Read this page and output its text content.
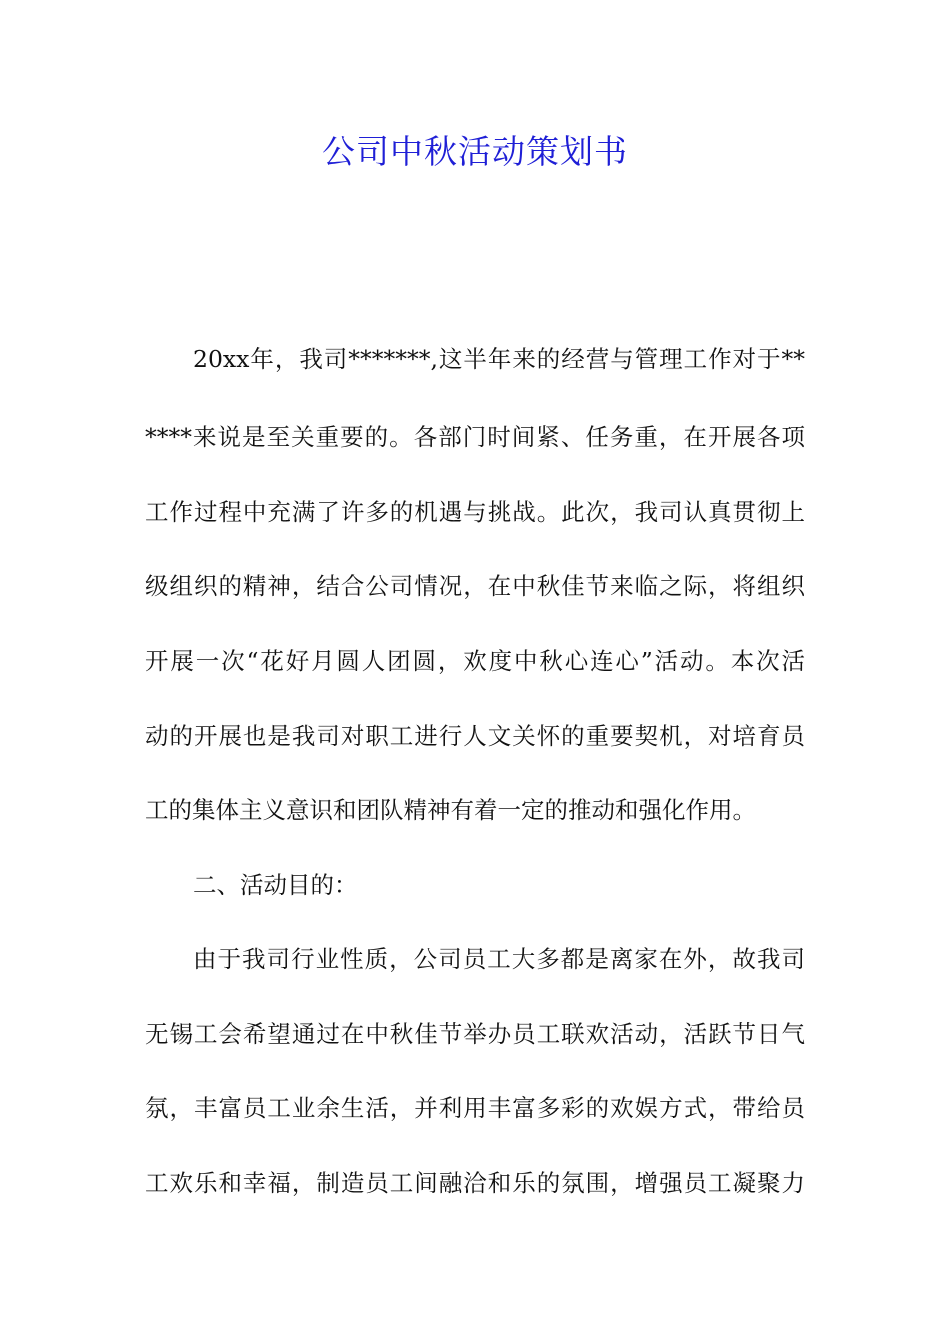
公司中秋活动策划书
20xx年，我司*******,这半年来的经营与管理工作对于**
****来说是至关重要的。各部门时间紧、任务重，在开展各项
工作过程中充满了许多的机遇与挑战。此次，我司认真贯彻上
级组织的精神，结合公司情况，在中秋佳节来临之际，将组织
开展一次“花好月圆人团圆，欢度中秋心连心”活动。本次活
动的开展也是我司对职工进行人文关怀的重要契机，对培育员
工的集体主义意识和团队精神有着一定的推动和强化作用。
二、活动目的：
由于我司行业性质，公司员工大多都是离家在外，故我司
无锡工会希望通过在中秋佳节举办员工联欢活动，活跃节日气
氛，丰富员工业余生活，并利用丰富多彩的欢娱方式，带给员
工欢乐和幸福，制造员工间融洽和乐的氛围，增强员工凝聚力
